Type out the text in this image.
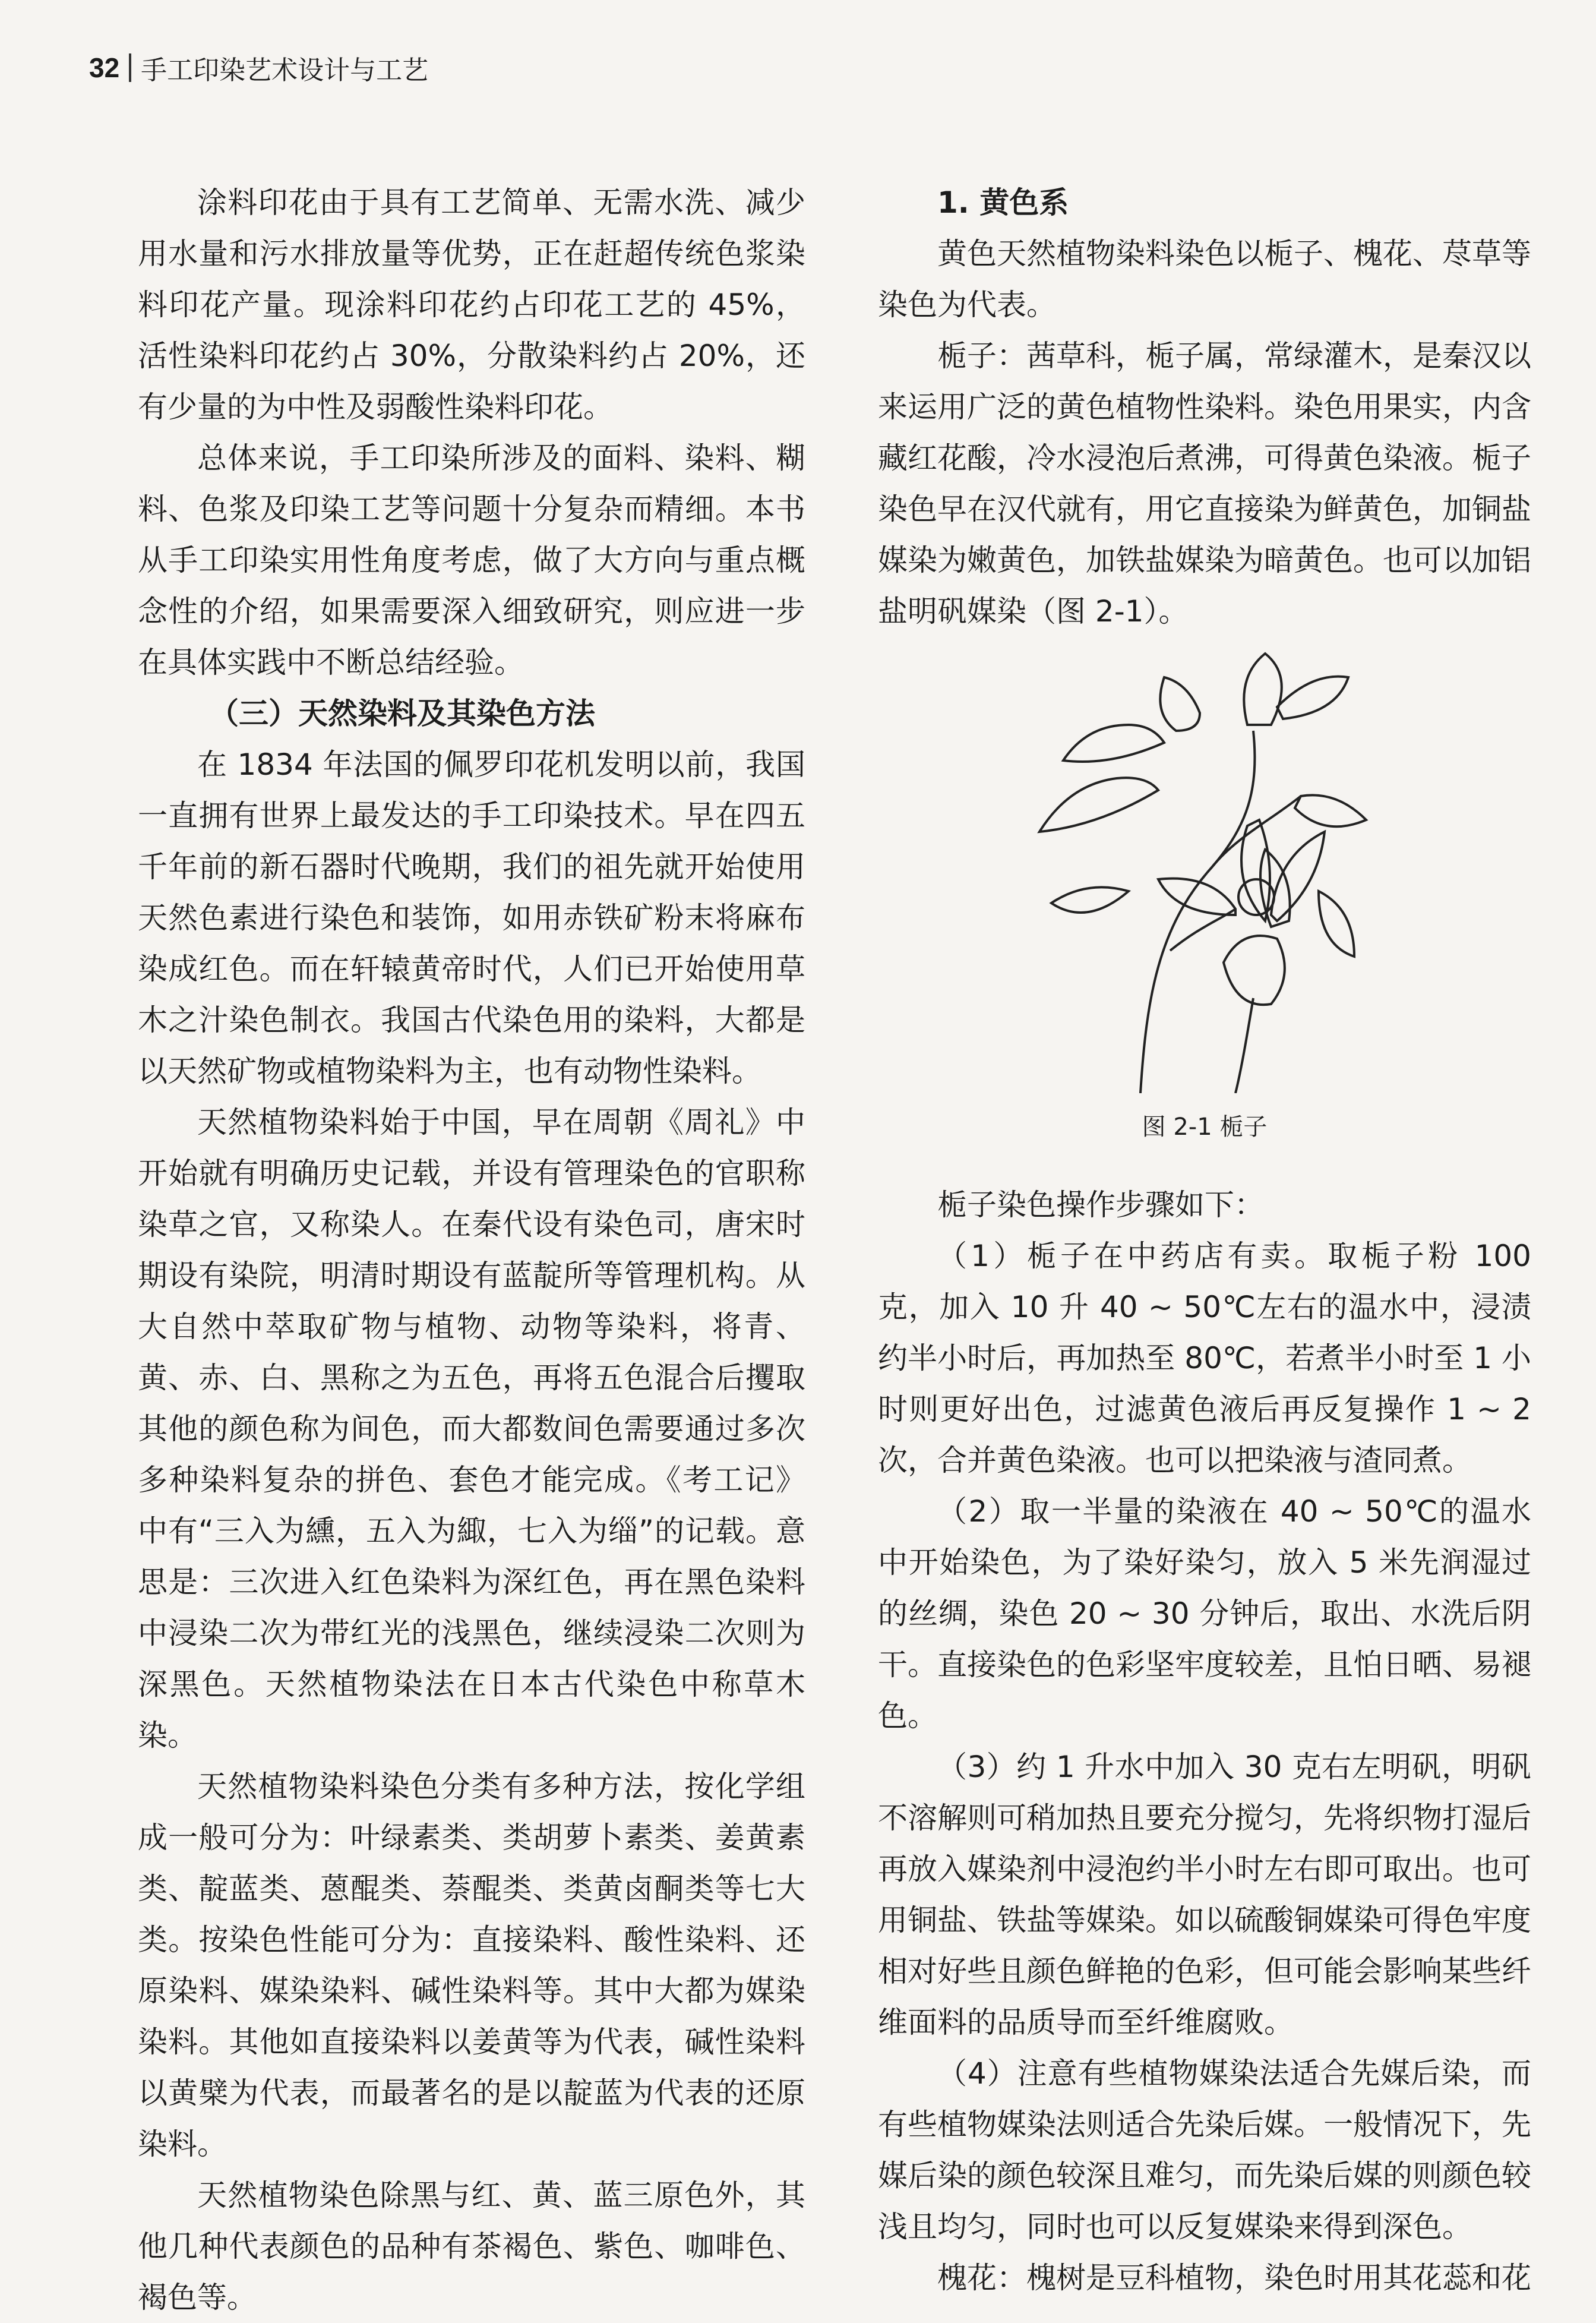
32 手工印染艺术设计与工艺

涂料印花由于具有工艺简单、无需水洗、减少用水量和污水排放量等优势，正在赶超传统色浆染料印花产量。现涂料印花约占印花工艺的 45%，活性染料印花约占 30%，分散染料约占 20%，还有少量的为中性及弱酸性染料印花。

总体来说，手工印染所涉及的面料、染料、糊料、色浆及印染工艺等问题十分复杂而精细。本书从手工印染实用性角度考虑，做了大方向与重点概念性的介绍，如果需要深入细致研究，则应进一步在具体实践中不断总结经验。

（三）天然染料及其染色方法

在 1834 年法国的佩罗印花机发明以前，我国一直拥有世界上最发达的手工印染技术。早在四五千年前的新石器时代晚期，我们的祖先就开始使用天然色素进行染色和装饰，如用赤铁矿粉末将麻布染成红色。而在轩辕黄帝时代，人们已开始使用草木之汁染色制衣。我国古代染色用的染料，大都是以天然矿物或植物染料为主，也有动物性染料。

天然植物染料始于中国，早在周朝《周礼》中开始就有明确历史记载，并设有管理染色的官职称染草之官，又称染人。在秦代设有染色司，唐宋时期设有染院，明清时期设有蓝靛所等管理机构。从大自然中萃取矿物与植物、动物等染料，将青、黄、赤、白、黑称之为五色，再将五色混合后攫取其他的颜色称为间色，而大都数间色需要通过多次多种染料复杂的拼色、套色才能完成。《考工记》中有“三入为纁，五入为緅，七入为缁”的记载。意思是：三次进入红色染料为深红色，再在黑色染料中浸染二次为带红光的浅黑色，继续浸染二次则为深黑色。天然植物染法在日本古代染色中称草木染。

天然植物染料染色分类有多种方法，按化学组成一般可分为：叶绿素类、类胡萝卜素类、姜黄素类、靛蓝类、蒽醌类、萘醌类、类黄卤酮类等七大类。按染色性能可分为：直接染料、酸性染料、还原染料、媒染染料、碱性染料等。其中大都为媒染染料。其他如直接染料以姜黄等为代表，碱性染料以黄檗为代表，而最著名的是以靛蓝为代表的还原染料。

天然植物染色除黑与红、黄、蓝三原色外，其他几种代表颜色的品种有茶褐色、紫色、咖啡色、褐色等。

1. 黄色系

黄色天然植物染料染色以栀子、槐花、荩草等染色为代表。

栀子：茜草科，栀子属，常绿灌木，是秦汉以来运用广泛的黄色植物性染料。染色用果实，内含藏红花酸，冷水浸泡后煮沸，可得黄色染液。栀子染色早在汉代就有，用它直接染为鲜黄色，加铜盐媒染为嫩黄色，加铁盐媒染为暗黄色。也可以加铝盐明矾媒染（图 2-1）。

图 2-1 栀子

栀子染色操作步骤如下：

（1）栀子在中药店有卖。取栀子粉 100 克，加入 10 升 40 ~ 50℃左右的温水中，浸渍约半小时后，再加热至 80℃，若煮半小时至 1 小时则更好出色，过滤黄色液后再反复操作 1 ~ 2 次，合并黄色染液。也可以把染液与渣同煮。

（2）取一半量的染液在 40 ~ 50℃的温水中开始染色，为了染好染匀，放入 5 米先润湿过的丝绸，染色 20 ~ 30 分钟后，取出、水洗后阴干。直接染色的色彩坚牢度较差，且怕日晒、易褪色。

（3）约 1 升水中加入 30 克右左明矾，明矾不溶解则可稍加热且要充分搅匀，先将织物打湿后再放入媒染剂中浸泡约半小时左右即可取出。也可用铜盐、铁盐等媒染。如以硫酸铜媒染可得色牢度相对好些且颜色鲜艳的色彩，但可能会影响某些纤维面料的品质导而至纤维腐败。

（4）注意有些植物媒染法适合先媒后染，而有些植物媒染法则适合先染后媒。一般情况下，先媒后染的颜色较深且难匀，而先染后媒的则颜色较浅且均匀，同时也可以反复媒染来得到深色。

槐花：槐树是豆科植物，染色时用其花蕊和花
